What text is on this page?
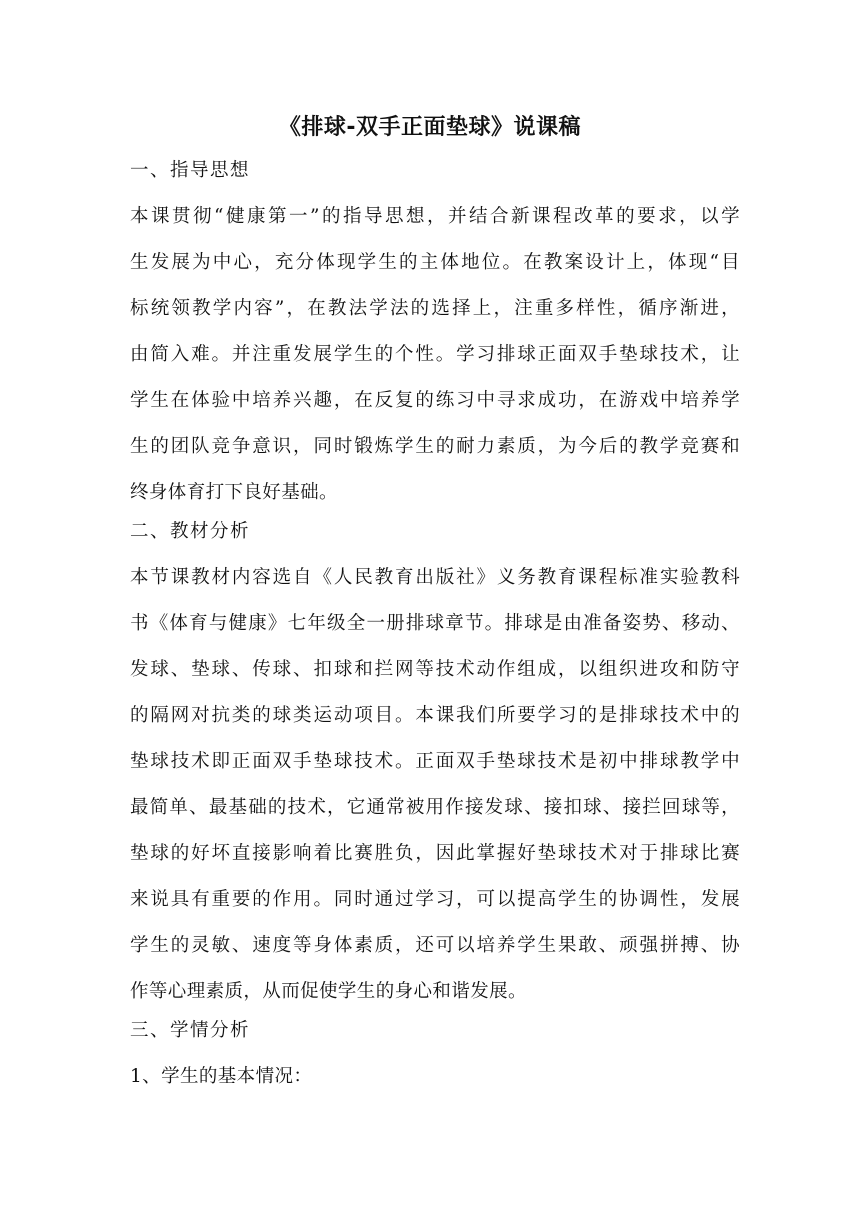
《排球-双手正面垫球》说课稿
一、指导思想
本课贯彻“健康第一”的指导思想，并结合新课程改革的要求，以学
生发展为中心，充分体现学生的主体地位。在教案设计上，体现“目
标统领教学内容”，在教法学法的选择上，注重多样性，循序渐进，
由简入难。并注重发展学生的个性。学习排球正面双手垫球技术，让
学生在体验中培养兴趣，在反复的练习中寻求成功，在游戏中培养学
生的团队竞争意识，同时锻炼学生的耐力素质，为今后的教学竞赛和
终身体育打下良好基础。
二、教材分析
本节课教材内容选自《人民教育出版社》义务教育课程标准实验教科
书《体育与健康》七年级全一册排球章节。排球是由准备姿势、移动、
发球、垫球、传球、扣球和拦网等技术动作组成，以组织进攻和防守
的隔网对抗类的球类运动项目。本课我们所要学习的是排球技术中的
垫球技术即正面双手垫球技术。正面双手垫球技术是初中排球教学中
最简单、最基础的技术，它通常被用作接发球、接扣球、接拦回球等，
垫球的好坏直接影响着比赛胜负，因此掌握好垫球技术对于排球比赛
来说具有重要的作用。同时通过学习，可以提高学生的协调性，发展
学生的灵敏、速度等身体素质，还可以培养学生果敢、顽强拼搏、协
作等心理素质，从而促使学生的身心和谐发展。
三、学情分析
1、学生的基本情况：
